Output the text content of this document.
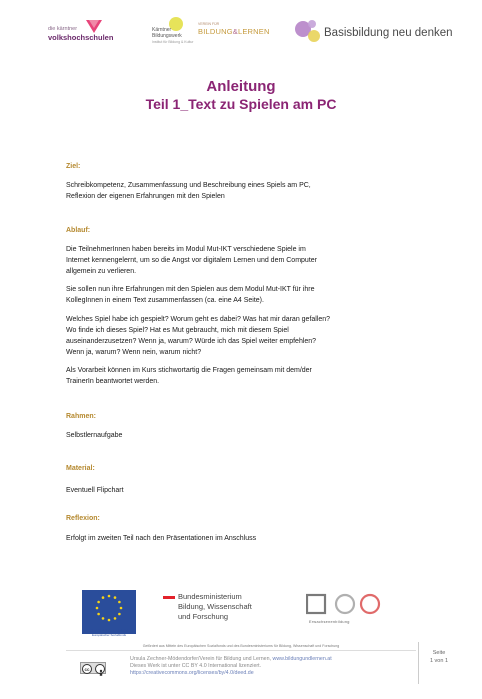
die kärntner
volkshochschulen
Kärntner
Bildungswerk
Institut für Bildung & Kultur
VEREIN FÜR
BILDUNG&LERNEN	Basisbildung neu denken
Anleitung
Teil 1_Text zu Spielen am PC
Ziel:
Schreibkompetenz, Zusammenfassung und Beschreibung eines Spiels am PC,
Reflexion der eigenen Erfahrungen mit den Spielen
Ablauf:
Die TeilnehmerInnen haben bereits im Modul Mut-IKT verschiedene Spiele im
Internet kennengelernt, um so die Angst vor digitalem Lernen und dem Computer
allgemein zu verlieren.
Sie sollen nun ihre Erfahrungen mit den Spielen aus dem Modul Mut-IKT für ihre
KollegInnen in einem Text zusammenfassen (ca. eine A4 Seite).
Welches Spiel habe ich gespielt? Worum geht es dabei? Was hat mir daran gefallen?
Wo finde ich dieses Spiel? Hat es Mut gebraucht, mich mit diesem Spiel
auseinanderzusetzen? Wenn ja, warum? Würde ich das Spiel weiter empfehlen?
Wenn ja, warum? Wenn nein, warum nicht?
Als Vorarbeit können im Kurs stichwortartig die Fragen gemeinsam mit dem/der
TrainerIn beantwortet werden.
Rahmen:
Selbstlernaufgabe
Material:
Eventuell Flipchart
Reflexion:
Erfolgt im zweiten Teil nach den Präsentationen im Anschluss
EUROPÄISCHE UNION
Europäischer Sozialfonds
Bundesministerium
Bildung, Wissenschaft
und Forschung
Erwachsenenbildung
Gefördert aus Mitteln des Europäischen Sozialfonds und des Bundesministeriums für Bildung, Wissenschaft und Forschung
cc
Ursula Zechner-Mödendorfer/Verein für Bildung und Lernen, www.bildungundlernen.at
Dieses Werk ist unter CC BY 4.0 International lizenziert.
https://creativecommons.org/licenses/by/4.0/deed.de
Seite
1 von 1
